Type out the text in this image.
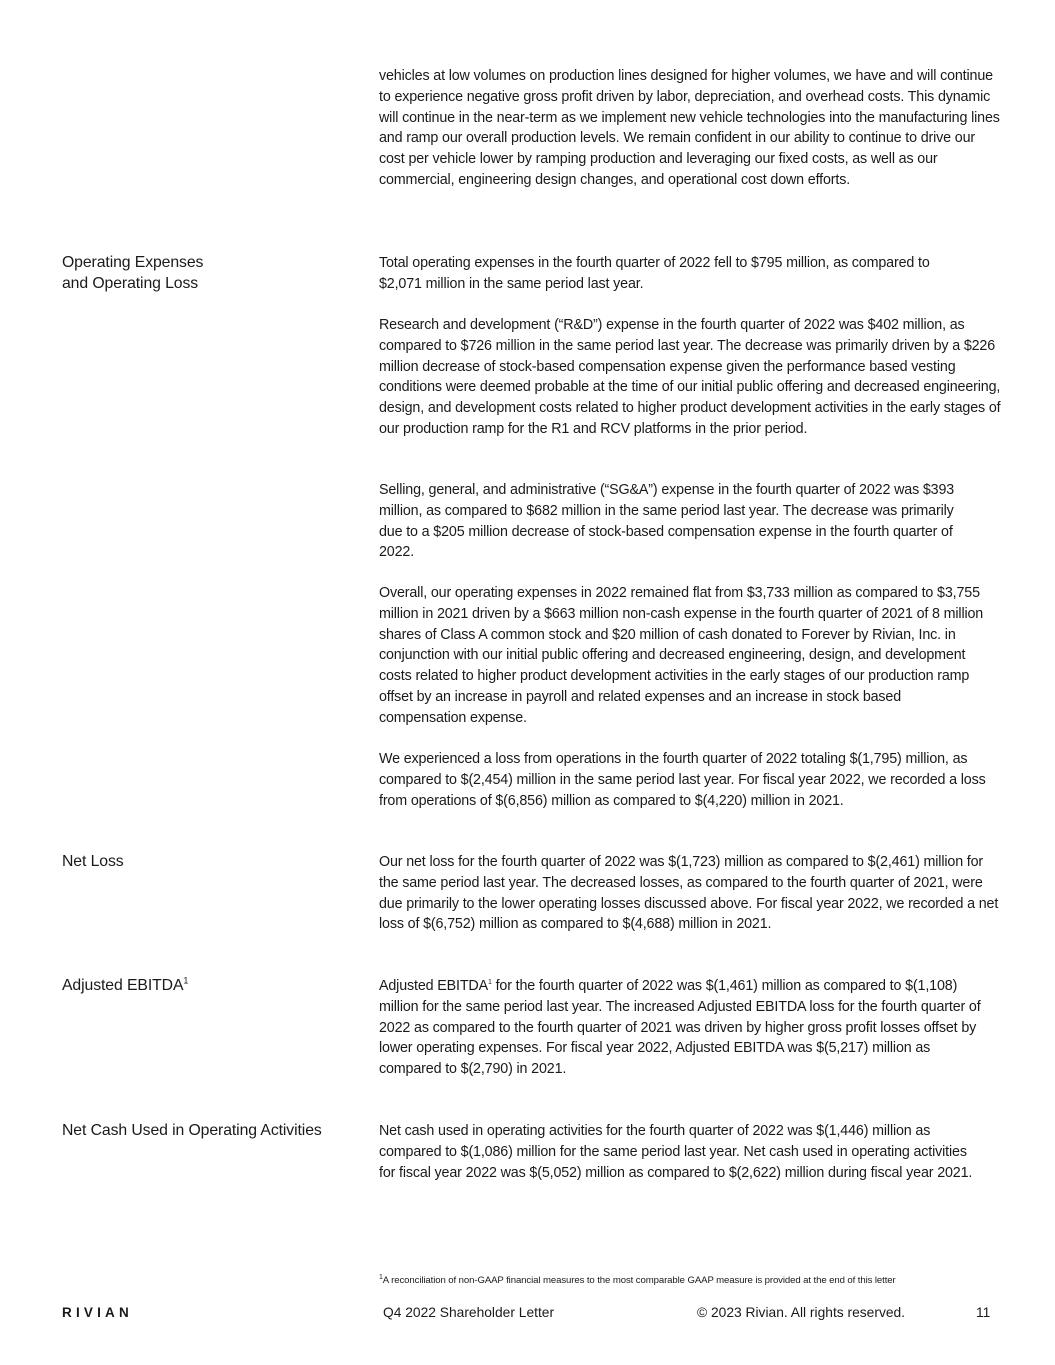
vehicles at low volumes on production lines designed for higher volumes, we have and will continue to experience negative gross profit driven by labor, depreciation, and overhead costs. This dynamic will continue in the near-term as we implement new vehicle technologies into the manufacturing lines and ramp our overall production levels. We remain confident in our ability to continue to drive our cost per vehicle lower by ramping production and leveraging our fixed costs, as well as our commercial, engineering design changes, and operational cost down efforts.

Operating Expenses
and Operating Loss

Total operating expenses in the fourth quarter of 2022 fell to $795 million, as compared to $2,071 million in the same period last year.

Research and development (“R&D”) expense in the fourth quarter of 2022 was $402 million, as compared to $726 million in the same period last year. The decrease was primarily driven by a $226 million decrease of stock-based compensation expense given the performance based vesting conditions were deemed probable at the time of our initial public offering and decreased engineering, design, and development costs related to higher product development activities in the early stages of our production ramp for the R1 and RCV platforms in the prior period.

Selling, general, and administrative (“SG&A”) expense in the fourth quarter of 2022 was $393 million, as compared to $682 million in the same period last year. The decrease was primarily due to a $205 million decrease of stock-based compensation expense in the fourth quarter of 2022.

Overall, our operating expenses in 2022 remained flat from $3,733 million as compared to $3,755 million in 2021 driven by a $663 million non-cash expense in the fourth quarter of 2021 of 8 million shares of Class A common stock and $20 million of cash donated to Forever by Rivian, Inc. in conjunction with our initial public offering and decreased engineering, design, and development costs related to higher product development activities in the early stages of our production ramp offset by an increase in payroll and related expenses and an increase in stock based compensation expense.

We experienced a loss from operations in the fourth quarter of 2022 totaling $(1,795) million, as compared to $(2,454) million in the same period last year. For fiscal year 2022, we recorded a loss from operations of $(6,856) million as compared to $(4,220) million in 2021.

Net Loss	Our net loss for the fourth quarter of 2022 was $(1,723) million as compared to $(2,461) million for the same period last year. The decreased losses, as compared to the fourth quarter of 2021, were due primarily to the lower operating losses discussed above. For fiscal year 2022, we recorded a net loss of $(6,752) million as compared to $(4,688) million in 2021.

Adjusted EBITDA$^1$	Adjusted EBITDA$^1$ for the fourth quarter of 2022 was $(1,461) million as compared to $(1,108) million for the same period last year. The increased Adjusted EBITDA loss for the fourth quarter of 2022 as compared to the fourth quarter of 2021 was driven by higher gross profit losses offset by lower operating expenses. For fiscal year 2022, Adjusted EBITDA was $(5,217) million as compared to $(2,790) in 2021.

Net Cash Used in Operating Activities	Net cash used in operating activities for the fourth quarter of 2022 was $(1,446) million as compared to $(1,086) million for the same period last year. Net cash used in operating activities for fiscal year 2022 was $(5,052) million as compared to $(2,622) million during fiscal year 2021.

$^1$A reconciliation of non-GAAP financial measures to the most comparable GAAP measure is provided at the end of this letter

RIVIAN	Q4 2022 Shareholder Letter	© 2023 Rivian. All rights reserved.	11
